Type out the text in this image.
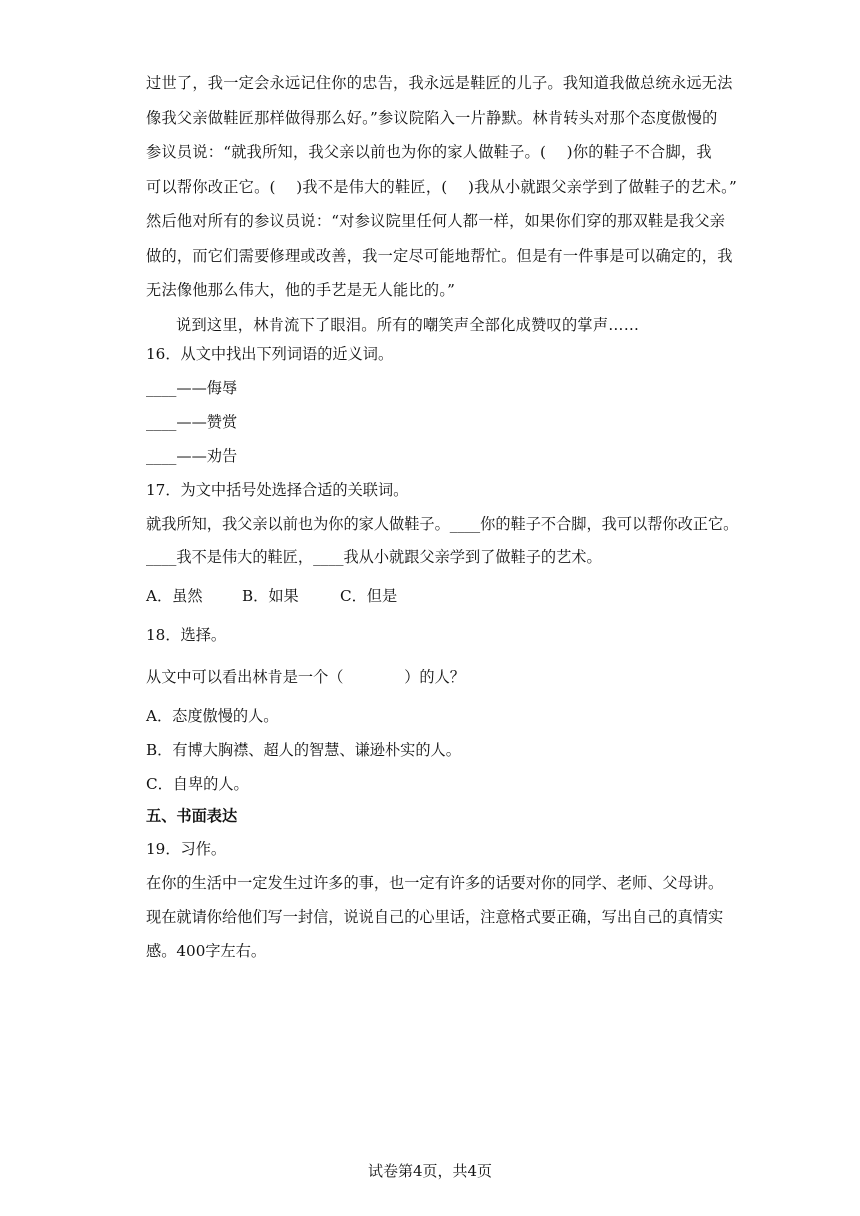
过世了，我一定会永远记住你的忠告，我永远是鞋匠的儿子。我知道我做总统永远无法
像我父亲做鞋匠那样做得那么好。”参议院陷入一片静默。林肯转头对那个态度傲慢的
参议员说：“就我所知，我父亲以前也为你的家人做鞋子。(　 )你的鞋子不合脚，我
可以帮你改正它。(　 )我不是伟大的鞋匠，(　 )我从小就跟父亲学到了做鞋子的艺术。”
然后他对所有的参议员说：“对参议院里任何人都一样，如果你们穿的那双鞋是我父亲
做的，而它们需要修理或改善，我一定尽可能地帮忙。但是有一件事是可以确定的，我
无法像他那么伟大，他的手艺是无人能比的。”
说到这里，林肯流下了眼泪。所有的嘲笑声全部化成赞叹的掌声……
16．从文中找出下列词语的近义词。
____——侮辱
____——赞赏
____——劝告
17．为文中括号处选择合适的关联词。
就我所知，我父亲以前也为你的家人做鞋子。____你的鞋子不合脚，我可以帮你改正它。
____我不是伟大的鞋匠，____我从小就跟父亲学到了做鞋子的艺术。
A．虽然	B．如果	C．但是
18．选择。
从文中可以看出林肯是一个（　　　　）的人？
A．态度傲慢的人。
B．有博大胸襟、超人的智慧、谦逊朴实的人。
C．自卑的人。
五、书面表达
19．习作。
在你的生活中一定发生过许多的事，也一定有许多的话要对你的同学、老师、父母讲。
现在就请你给他们写一封信，说说自己的心里话，注意格式要正确，写出自己的真情实
感。400字左右。
试卷第4页，共4页
